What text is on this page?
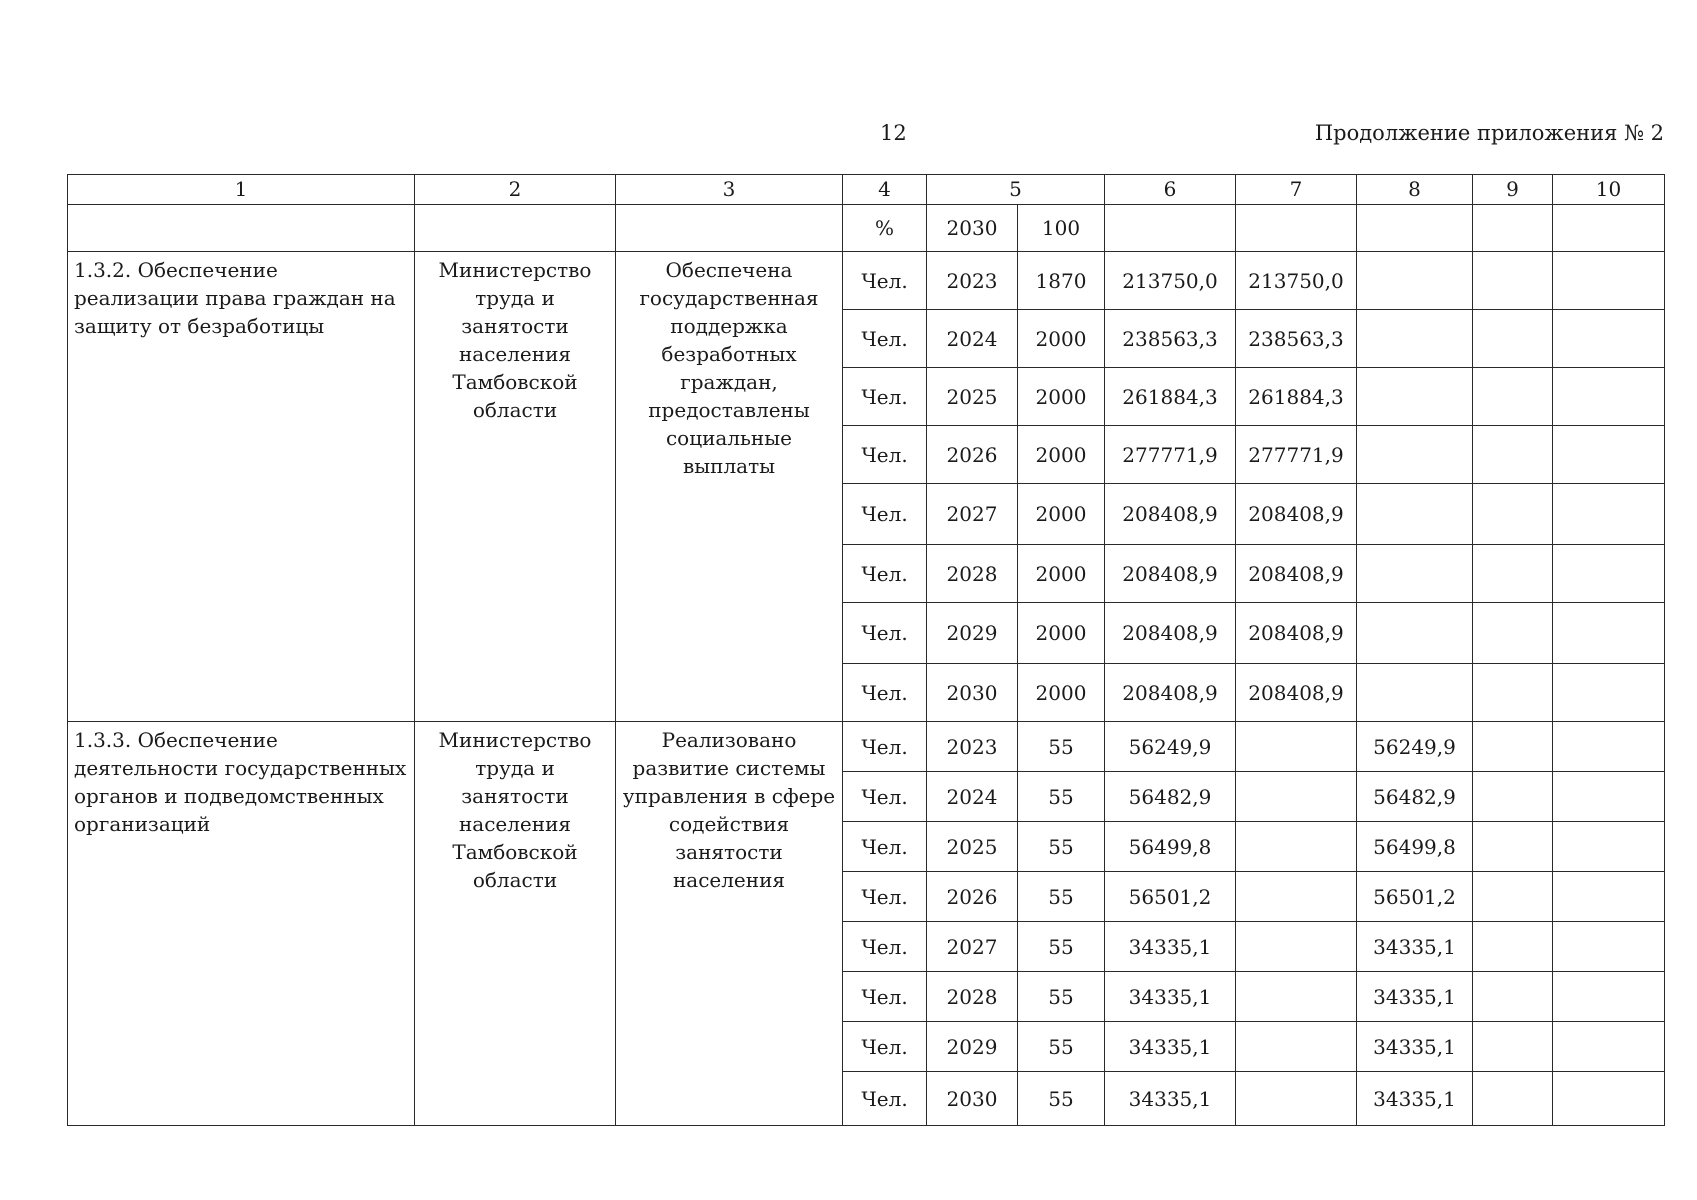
12	Продолжение приложения № 2
1	2	3	4	5		6	7	8	9	10
			%	2030	100					
1.3.2. Обеспечение реализации права граждан на защиту от безработицы	Министерство труда и занятости населения Тамбовской области	Обеспечена государственная поддержка безработных граждан, предоставлены социальные выплаты	Чел.	2023	1870	213750,0	213750,0			
			Чел.	2024	2000	238563,3	238563,3			
			Чел.	2025	2000	261884,3	261884,3			
			Чел.	2026	2000	277771,9	277771,9			
			Чел.	2027	2000	208408,9	208408,9			
			Чел.	2028	2000	208408,9	208408,9			
			Чел.	2029	2000	208408,9	208408,9			
			Чел.	2030	2000	208408,9	208408,9			
1.3.3. Обеспечение деятельности государственных органов и подведомственных организаций	Министерство труда и занятости населения Тамбовской области	Реализовано развитие системы управления в сфере содействия занятости населения	Чел.	2023	55	56249,9		56249,9		
			Чел.	2024	55	56482,9		56482,9		
			Чел.	2025	55	56499,8		56499,8		
			Чел.	2026	55	56501,2		56501,2		
			Чел.	2027	55	34335,1		34335,1		
			Чел.	2028	55	34335,1		34335,1		
			Чел.	2029	55	34335,1		34335,1		
			Чел.	2030	55	34335,1		34335,1		
